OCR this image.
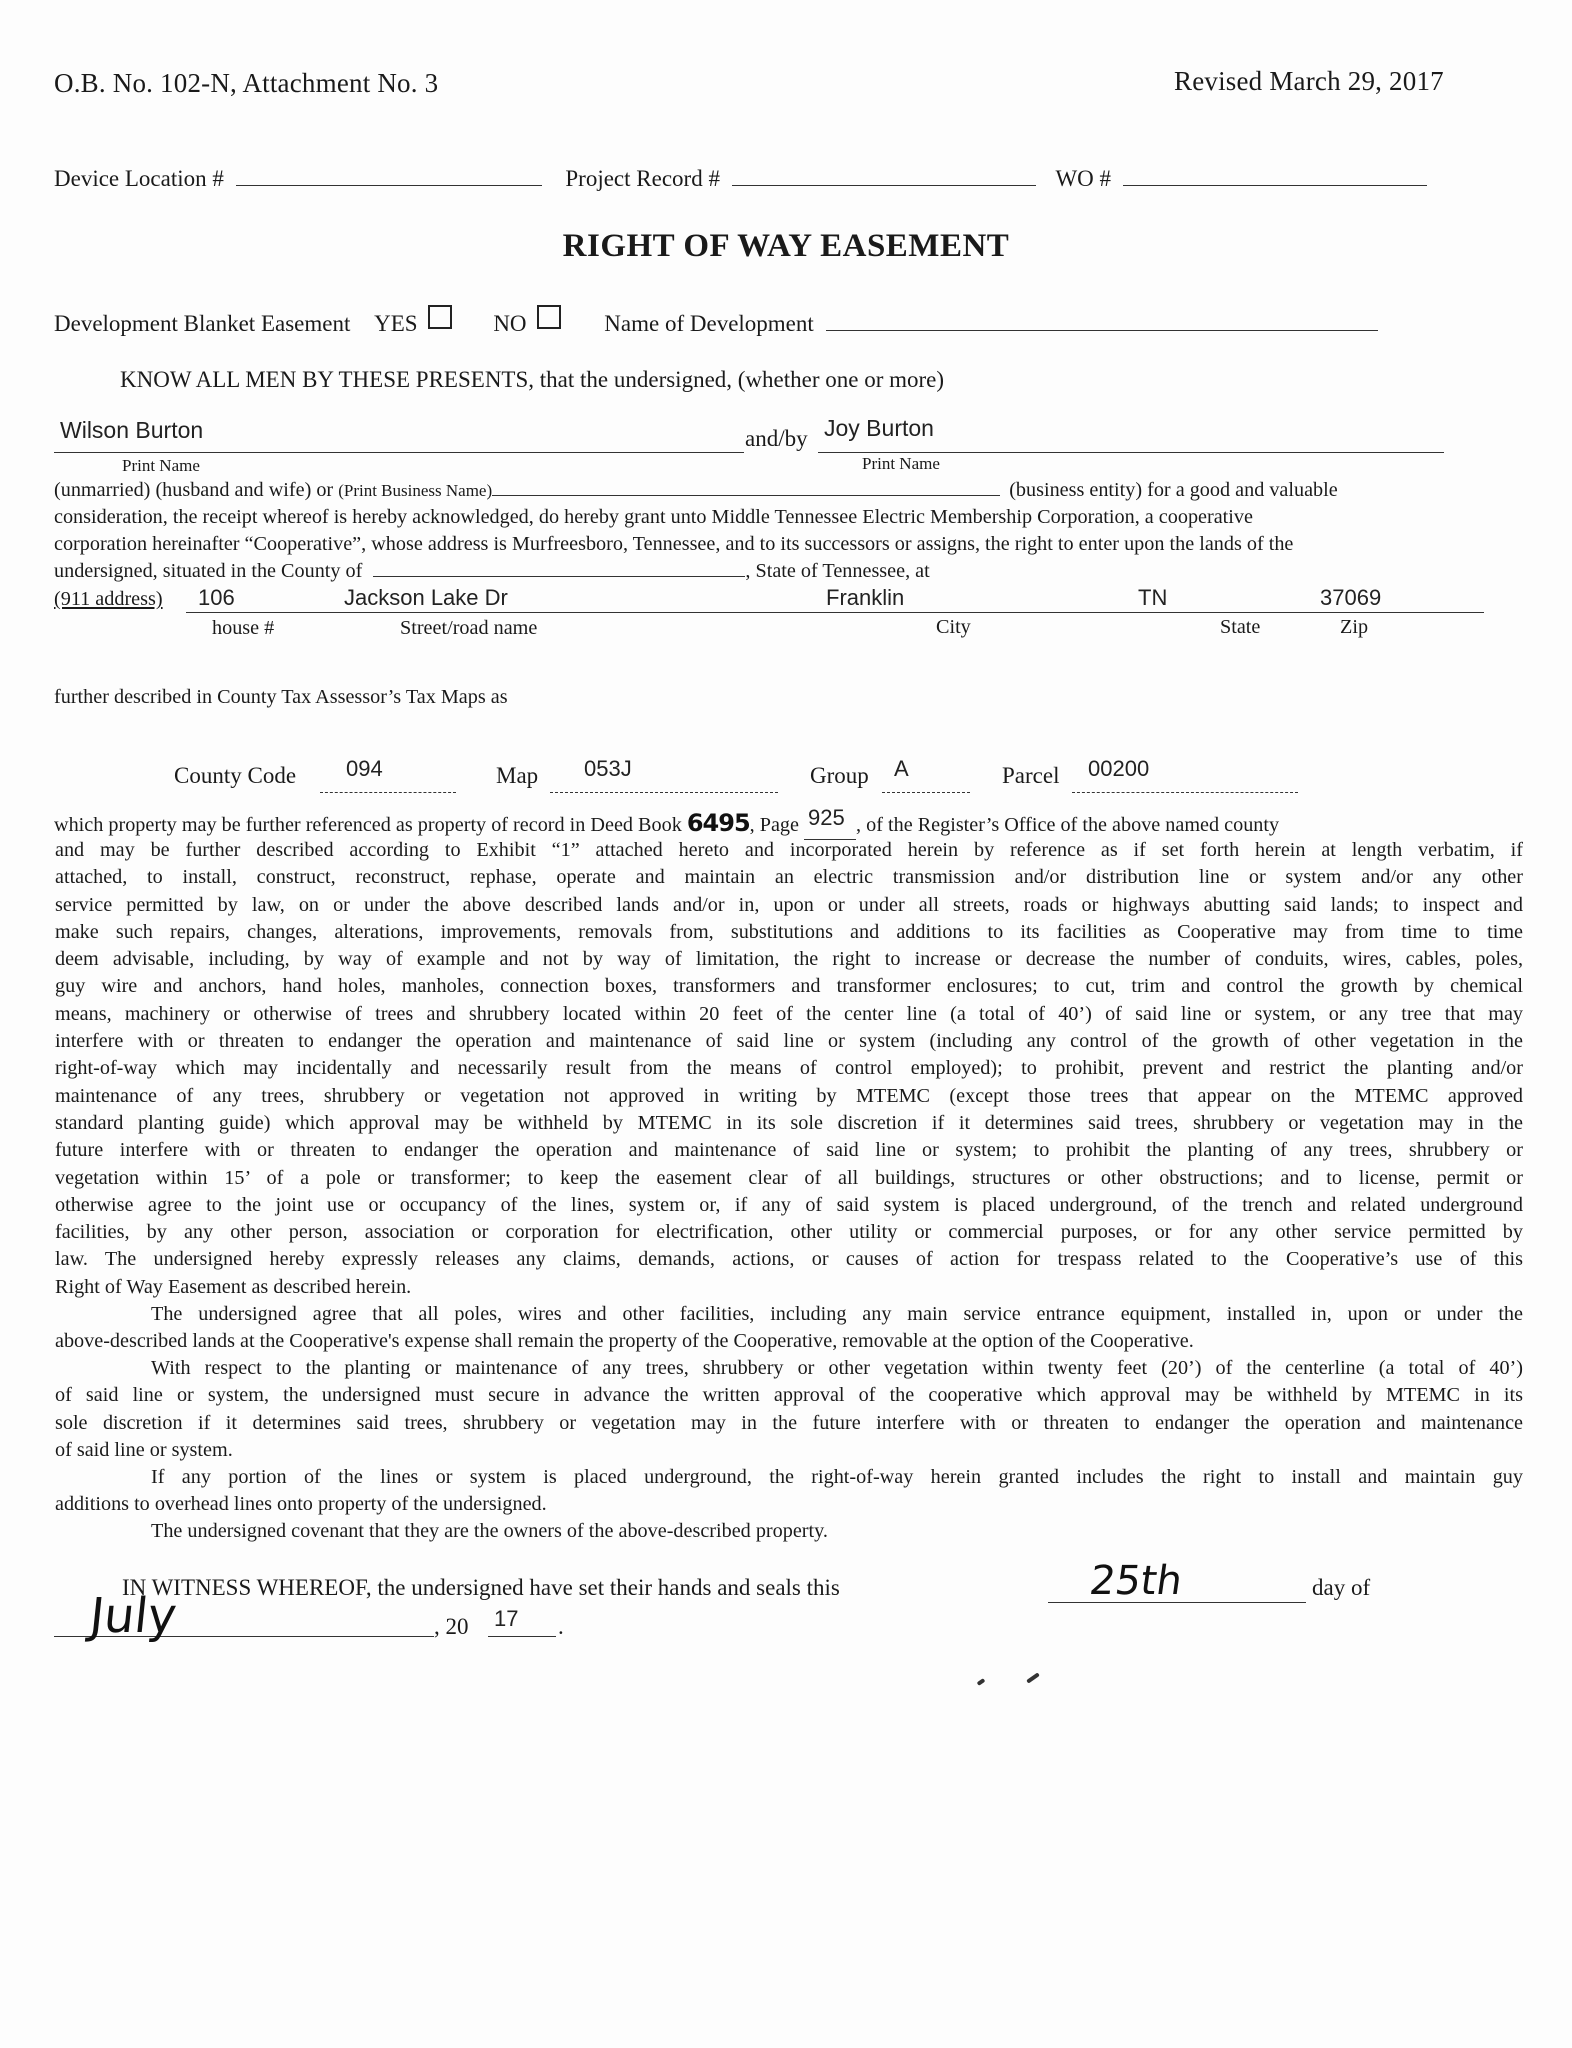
O.B. No. 102-N, Attachment No. 3	Revised March 29, 2017
Device Location #	Project Record #	WO #
RIGHT OF WAY EASEMENT
Development Blanket Easement YES	NO	Name of Development
KNOW ALL MEN BY THESE PRESENTS, that the undersigned, (whether one or more)
Wilson Burton	and/by Joy Burton
Print Name	Print Name
(unmarried) (husband and wife) or (Print Business Name)	(business entity) for a good and valuable
consideration, the receipt whereof is hereby acknowledged, do hereby grant unto Middle Tennessee Electric Membership Corporation, a cooperative
corporation hereinafter “Cooperative”, whose address is Murfreesboro, Tennessee, and to its successors or assigns, the right to enter upon the lands of the
undersigned, situated in the County of	, State of Tennessee, at
(911 address) 106	Jackson Lake Dr	Franklin	TN	37069
house #	Street/road name	City	State	Zip
further described in County Tax Assessor’s Tax Maps as
County Code 094	Map 053J	Group A	Parcel 00200
which property may be further referenced as property of record in Deed Book 6495, Page 925 , of the Register’s Office of the above named county
and may be further described according to Exhibit “1” attached hereto and incorporated herein by reference as if set forth herein at length verbatim, if
attached, to install, construct, reconstruct, rephase, operate and maintain an electric transmission and/or distribution line or system and/or any other
service permitted by law, on or under the above described lands and/or in, upon or under all streets, roads or highways abutting said lands; to inspect and
make such repairs, changes, alterations, improvements, removals from, substitutions and additions to its facilities as Cooperative may from time to time
deem advisable, including, by way of example and not by way of limitation, the right to increase or decrease the number of conduits, wires, cables, poles,
guy wire and anchors, hand holes, manholes, connection boxes, transformers and transformer enclosures; to cut, trim and control the growth by chemical
means, machinery or otherwise of trees and shrubbery located within 20 feet of the center line (a total of 40’) of said line or system, or any tree that may
interfere with or threaten to endanger the operation and maintenance of said line or system (including any control of the growth of other vegetation in the
right-of-way which may incidentally and necessarily result from the means of control employed); to prohibit, prevent and restrict the planting and/or
maintenance of any trees, shrubbery or vegetation not approved in writing by MTEMC (except those trees that appear on the MTEMC approved
standard planting guide) which approval may be withheld by MTEMC in its sole discretion if it determines said trees, shrubbery or vegetation may in the
future interfere with or threaten to endanger the operation and maintenance of said line or system; to prohibit the planting of any trees, shrubbery or
vegetation within 15’ of a pole or transformer; to keep the easement clear of all buildings, structures or other obstructions; and to license, permit or
otherwise agree to the joint use or occupancy of the lines, system or, if any of said system is placed underground, of the trench and related underground
facilities, by any other person, association or corporation for electrification, other utility or commercial purposes, or for any other service permitted by
law. The undersigned hereby expressly releases any claims, demands, actions, or causes of action for trespass related to the Cooperative’s use of this
Right of Way Easement as described herein.
The undersigned agree that all poles, wires and other facilities, including any main service entrance equipment, installed in, upon or under the
above-described lands at the Cooperative's expense shall remain the property of the Cooperative, removable at the option of the Cooperative.
With respect to the planting or maintenance of any trees, shrubbery or other vegetation within twenty feet (20’) of the centerline (a total of 40’)
of said line or system, the undersigned must secure in advance the written approval of the cooperative which approval may be withheld by MTEMC in its
sole discretion if it determines said trees, shrubbery or vegetation may in the future interfere with or threaten to endanger the operation and maintenance
of said line or system.
If any portion of the lines or system is placed underground, the right-of-way herein granted includes the right to install and maintain guy
additions to overhead lines onto property of the undersigned.
The undersigned covenant that they are the owners of the above-described property.
IN WITNESS WHEREOF, the undersigned have set their hands and seals this	25th	day of
July	, 20 17 .
